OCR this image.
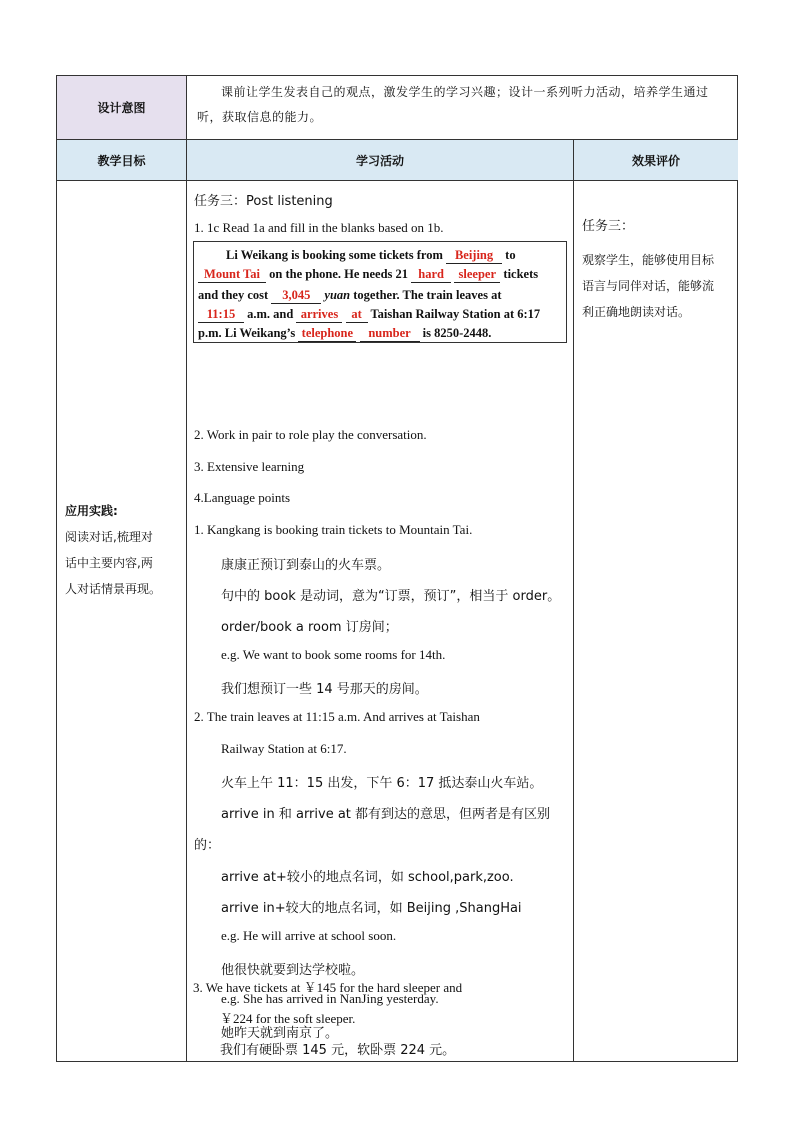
设计意图
课前让学生发表自己的观点，激发学生的学习兴趣；设计一系列听力活动，培养学生通过听，获取信息的能力。
教学目标	学习活动	效果评价
应用实践:
阅读对话,梳理对
话中主要内容,两
人对话情景再现。
任务三：
观察学生，能够使用目标
语言与同伴对话，能够流
利正确地朗读对话。
任务三：Post listening
1. 1c Read 1a and fill in the blanks based on 1b.
2. Work in pair to role play the conversation.
3. Extensive learning
4.Language points
1. Kangkang is booking train tickets to Mountain Tai.
康康正预订到泰山的火车票。
句中的 book 是动词，意为“订票，预订”，相当于 order。
order/book a room 订房间；
e.g. We want to book some rooms for 14th.
我们想预订一些 14 号那天的房间。
2. The train leaves at 11:15 a.m. And arrives at Taishan
Railway Station at 6:17.
火车上午 11：15 出发，下午 6：17 抵达泰山火车站。
arrive in 和 arrive at 都有到达的意思，但两者是有区别
的：
arrive at+较小的地点名词，如 school,park,zoo.
arrive in+较大的地点名词，如 Beijing ,ShangHai
e.g. He will arrive at school soon.
他很快就要到达学校啦。
e.g. She has arrived in NanJing yesterday.
她昨天就到南京了。
3. We have tickets at ￥145 for the hard sleeper and
￥224 for the soft sleeper.
我们有硬卧票 145 元，软卧票 224 元。
Li Weikang is booking some tickets from Beijing to
Mount Tai on the phone. He needs 21 hard sleeper tickets
and they cost 3,045 yuan together. The train leaves at
11:15 a.m. and arrives at Taishan Railway Station at 6:17
p.m. Li Weikang’s telephone number is 8250-2448.
